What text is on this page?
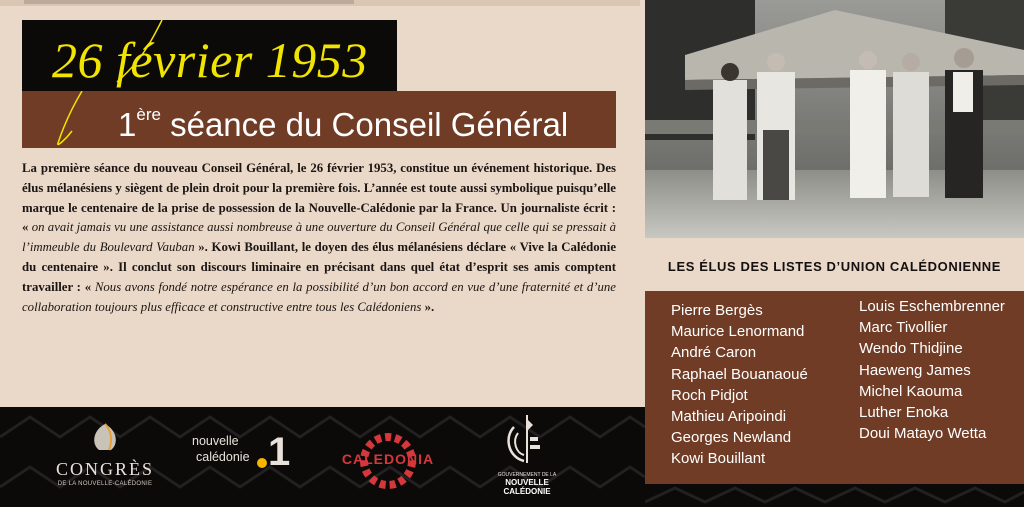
26 février 1953
1ère séance du Conseil Général
La première séance du nouveau Conseil Général, le 26 février 1953, constitue un événement historique. Des élus mélanésiens y siègent de plein droit pour la première fois. L’année est toute aussi symbolique puisqu’elle marque le centenaire de la prise de possession de la Nouvelle-Calédonie par la France. Un journaliste écrit : « on avait jamais vu une assistance aussi nombreuse à une ouverture du Conseil Général que celle qui se pressait à l’immeuble du Boulevard Vauban ». Kowi Bouillant, le doyen des élus mélanésiens déclare « Vive la Calédonie du centenaire ». Il conclut son discours liminaire en précisant dans quel état d’esprit ses amis comptent travailler : « Nous avons fondé notre espérance en la possibilité d’un bon accord en vue d’une fraternité et d’une collaboration toujours plus efficace et constructive entre tous les Calédoniens ».
LES ÉLUS DES LISTES D’UNION CALÉDONIENNE
Pierre Bergès
Maurice Lenormand
André Caron
Raphael Bouanaoué
Roch Pidjot
Mathieu Aripoindi
Georges Newland
Kowi Bouillant
Louis Eschembrenner
Marc Tivollier
Wendo Thidjine
Haeweng James
Michel Kaouma
Luther Enoka
Doui Matayo Wetta
CONGRÈS
DE LA NOUVELLE-CALÉDONIE
nouvelle
calédonie 1	CALEDONIA
GOUVERNEMENT DE LA
NOUVELLE CALÉDONIE
